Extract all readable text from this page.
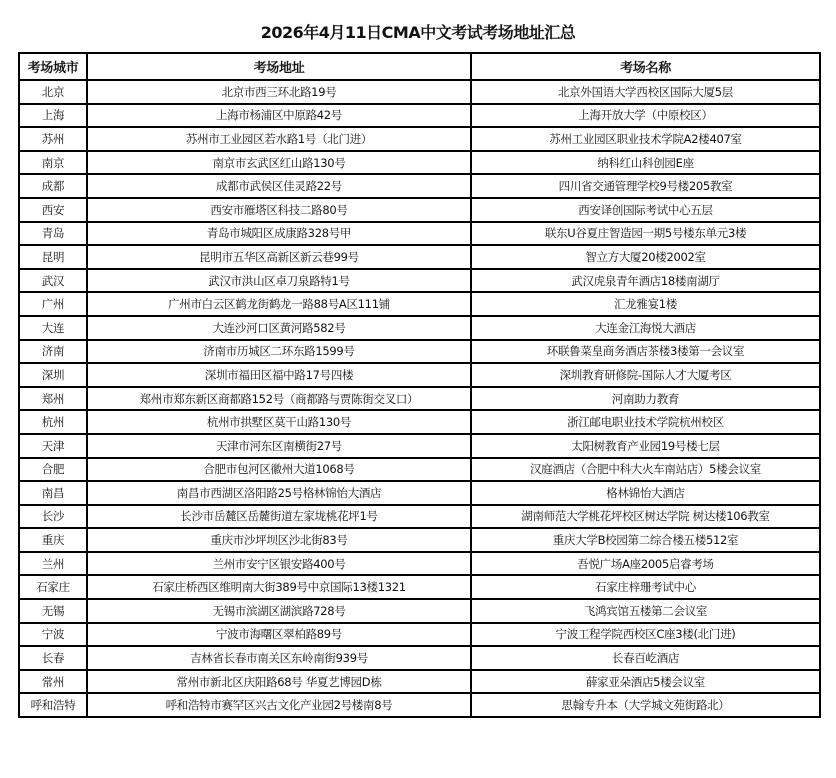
2026年4月11日CMA中文考试考场地址汇总
考场城市	考场地址	考场名称
北京	北京市西三环北路19号	北京外国语大学西校区国际大厦5层
上海	上海市杨浦区中原路42号	上海开放大学（中原校区）
苏州	苏州市工业园区若水路1号（北门进）	苏州工业园区职业技术学院A2楼407室
南京	南京市玄武区红山路130号	纳科红山科创园E座
成都	成都市武侯区佳灵路22号	四川省交通管理学校9号楼205教室
西安	西安市雁塔区科技二路80号	西安译创国际考试中心五层
青岛	青岛市城阳区成康路328号甲	联东U谷夏庄智造园一期5号楼东单元3楼
昆明	昆明市五华区高新区新云巷99号	智立方大厦20楼2002室
武汉	武汉市洪山区卓刀泉路特1号	武汉虎泉青年酒店18楼南湖厅
广州	广州市白云区鹤龙街鹤龙一路88号A区111铺	汇龙雅宴1楼
大连	大连沙河口区黄河路582号	大连金江海悦大酒店
济南	济南市历城区二环东路1599号	环联鲁菜皇商务酒店茶楼3楼第一会议室
深圳	深圳市福田区福中路17号四楼	深圳教育研修院-国际人才大厦考区
郑州	郑州市郑东新区商都路152号（商都路与贾陈街交叉口）	河南助力教育
杭州	杭州市拱墅区莫干山路130号	浙江邮电职业技术学院杭州校区
天津	天津市河东区南横街27号	太阳树教育产业园19号楼七层
合肥	合肥市包河区徽州大道1068号	汉庭酒店（合肥中科大火车南站店）5楼会议室
南昌	南昌市西湖区洛阳路25号格林锦怡大酒店	格林锦怡大酒店
长沙	长沙市岳麓区岳麓街道左家垅桃花坪1号	湖南师范大学桃花坪校区树达学院 树达楼106教室
重庆	重庆市沙坪坝区沙北街83号	重庆大学B校园第二综合楼五楼512室
兰州	兰州市安宁区银安路400号	吾悦广场A座2005启睿考场
石家庄	石家庄桥西区维明南大街389号中京国际13楼1321	石家庄梓珊考试中心
无锡	无锡市滨湖区湖滨路728号	飞鸿宾馆五楼第二会议室
宁波	宁波市海曙区翠柏路89号	宁波工程学院西校区C座3楼(北门进)
长春	吉林省长春市南关区东岭南街939号	长春百屹酒店
常州	常州市新北区庆阳路68号 华夏艺博园D栋	薛家亚朵酒店5楼会议室
呼和浩特	呼和浩特市赛罕区兴古文化产业园2号楼南8号	思翰专升本（大学城文苑街路北）
